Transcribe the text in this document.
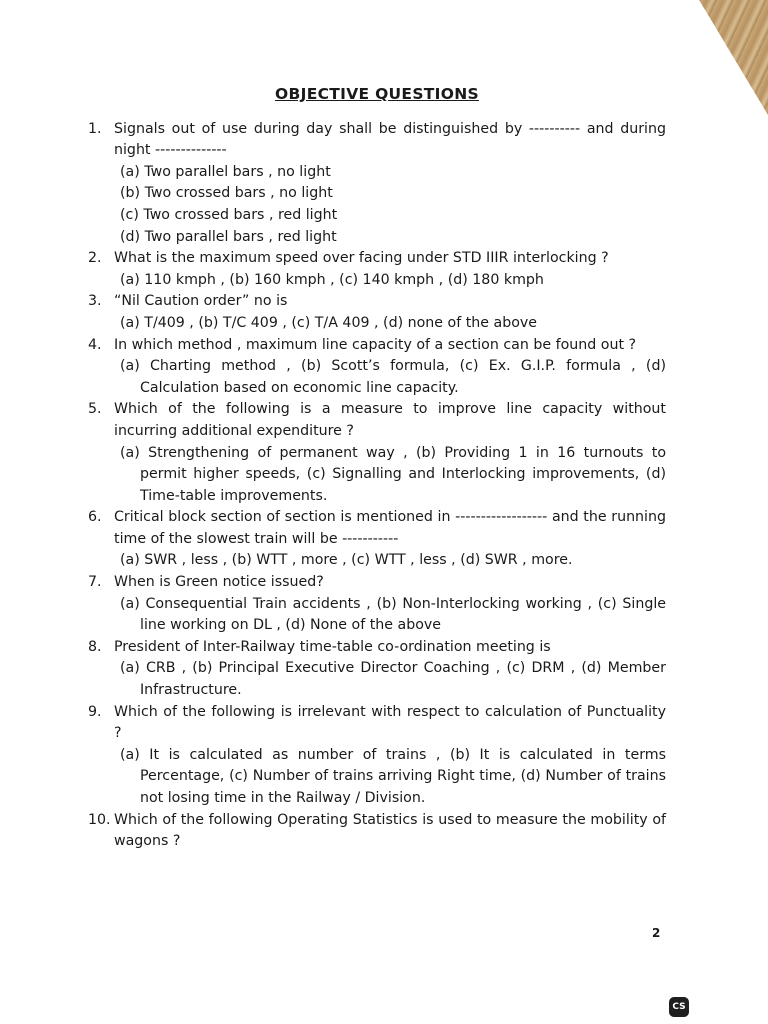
OBJECTIVE QUESTIONS
1. Signals out of use during day shall be distinguished by ---------- and during night --------------
(a) Two parallel bars , no light
(b) Two crossed bars , no light
(c) Two crossed bars , red light
(d) Two parallel bars , red light
2. What is the maximum speed over facing under STD IIIR interlocking ?
(a) 110 kmph , (b) 160 kmph , (c) 140 kmph , (d) 180 kmph
3. “Nil Caution order” no is
(a) T/409 , (b) T/C 409 , (c) T/A 409 , (d) none of the above
4. In which method , maximum line capacity of a section can be found out ?
(a) Charting method , (b) Scott’s formula, (c) Ex. G.I.P. formula , (d) Calculation based on economic line capacity.
5. Which of the following is a measure to improve line capacity without incurring additional expenditure ?
(a) Strengthening of permanent way , (b) Providing 1 in 16 turnouts to permit higher speeds, (c) Signalling and Interlocking improvements, (d) Time-table improvements.
6. Critical block section of section is mentioned in ------------------ and the running time of the slowest train will be -----------
(a) SWR , less , (b) WTT , more , (c) WTT , less , (d) SWR , more.
7. When is Green notice issued?
(a) Consequential Train accidents , (b) Non-Interlocking working , (c) Single line working on DL , (d) None of the above
8. President of Inter-Railway time-table co-ordination meeting is
(a) CRB , (b) Principal Executive Director Coaching , (c) DRM , (d) Member Infrastructure.
9. Which of the following is irrelevant with respect to calculation of Punctuality ?
(a) It is calculated as number of trains , (b) It is calculated in terms Percentage, (c) Number of trains arriving Right time, (d) Number of trains not losing time in the Railway / Division.
10. Which of the following Operating Statistics is used to measure the mobility of wagons ?
2
CS
